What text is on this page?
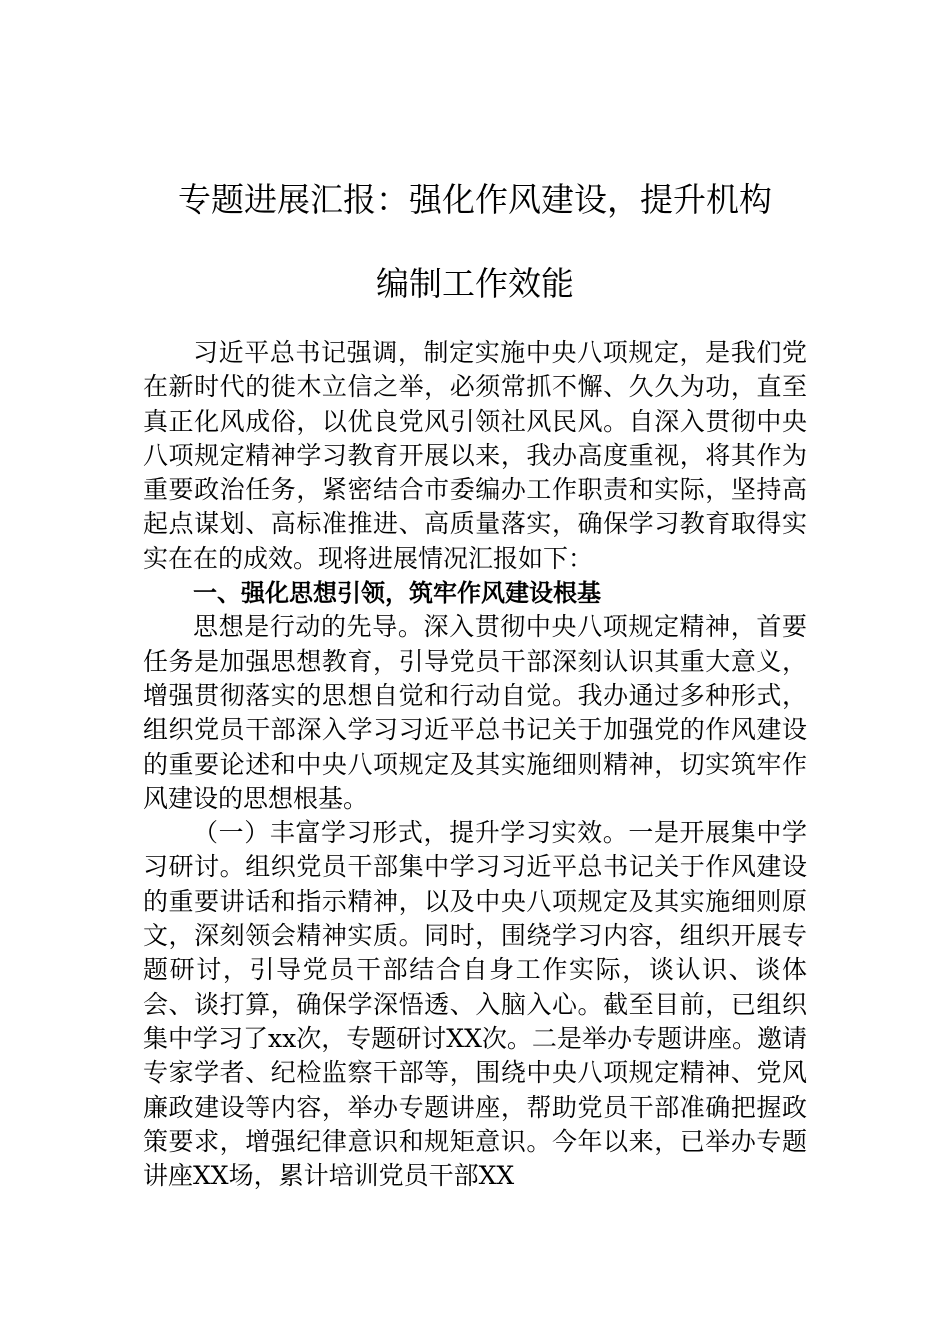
专题进展汇报：强化作风建设，提升机构
编制工作效能

习近平总书记强调，制定实施中央八项规定，是我们党在新时代的徙木立信之举，必须常抓不懈、久久为功，直至真正化风成俗，以优良党风引领社风民风。自深入贯彻中央八项规定精神学习教育开展以来，我办高度重视，将其作为重要政治任务，紧密结合市委编办工作职责和实际，坚持高起点谋划、高标准推进、高质量落实，确保学习教育取得实实在在的成效。现将进展情况汇报如下：

一、强化思想引领，筑牢作风建设根基

思想是行动的先导。深入贯彻中央八项规定精神，首要任务是加强思想教育，引导党员干部深刻认识其重大意义，增强贯彻落实的思想自觉和行动自觉。我办通过多种形式，组织党员干部深入学习习近平总书记关于加强党的作风建设的重要论述和中央八项规定及其实施细则精神，切实筑牢作风建设的思想根基。

（一）丰富学习形式，提升学习实效。一是开展集中学习研讨。组织党员干部集中学习习近平总书记关于作风建设的重要讲话和指示精神，以及中央八项规定及其实施细则原文，深刻领会精神实质。同时，围绕学习内容，组织开展专题研讨，引导党员干部结合自身工作实际，谈认识、谈体会、谈打算，确保学深悟透、入脑入心。截至目前，已组织集中学习了xx次，专题研讨XX次。二是举办专题讲座。邀请专家学者、纪检监察干部等，围绕中央八项规定精神、党风廉政建设等内容，举办专题讲座，帮助党员干部准确把握政策要求，增强纪律意识和规矩意识。今年以来，已举办专题讲座XX场，累计培训党员干部XX
